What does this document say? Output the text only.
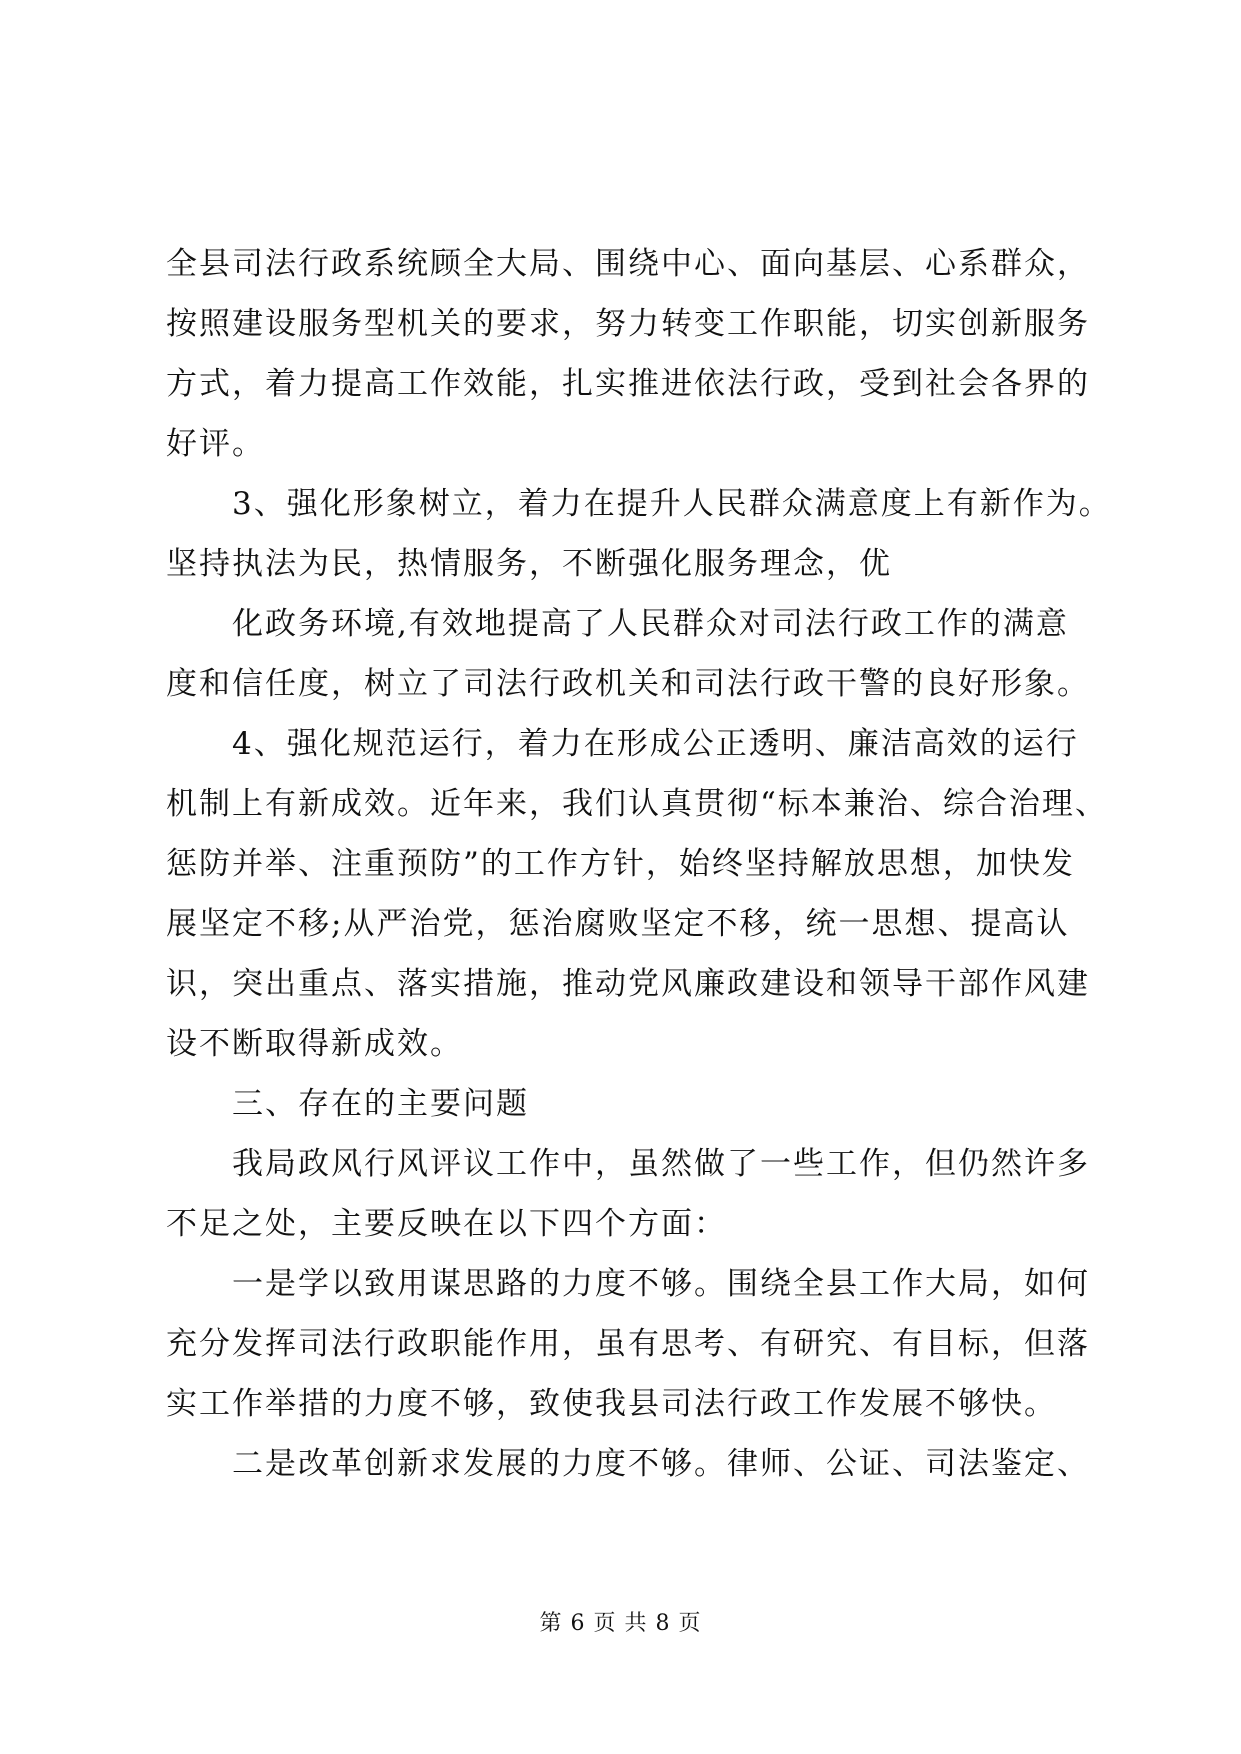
全县司法行政系统顾全大局、围绕中心、面向基层、心系群众，
按照建设服务型机关的要求，努力转变工作职能，切实创新服务
方式，着力提高工作效能，扎实推进依法行政，受到社会各界的
好评。
3、强化形象树立，着力在提升人民群众满意度上有新作为。
坚持执法为民，热情服务，不断强化服务理念，优
化政务环境,有效地提高了人民群众对司法行政工作的满意
度和信任度，树立了司法行政机关和司法行政干警的良好形象。
4、强化规范运行，着力在形成公正透明、廉洁高效的运行
机制上有新成效。近年来，我们认真贯彻“标本兼治、综合治理、
惩防并举、注重预防”的工作方针，始终坚持解放思想，加快发
展坚定不移;从严治党，惩治腐败坚定不移，统一思想、提高认
识，突出重点、落实措施，推动党风廉政建设和领导干部作风建
设不断取得新成效。
三、存在的主要问题
我局政风行风评议工作中，虽然做了一些工作，但仍然许多
不足之处，主要反映在以下四个方面：
一是学以致用谋思路的力度不够。围绕全县工作大局，如何
充分发挥司法行政职能作用，虽有思考、有研究、有目标，但落
实工作举措的力度不够，致使我县司法行政工作发展不够快。
二是改革创新求发展的力度不够。律师、公证、司法鉴定、
第 6 页 共 8 页
